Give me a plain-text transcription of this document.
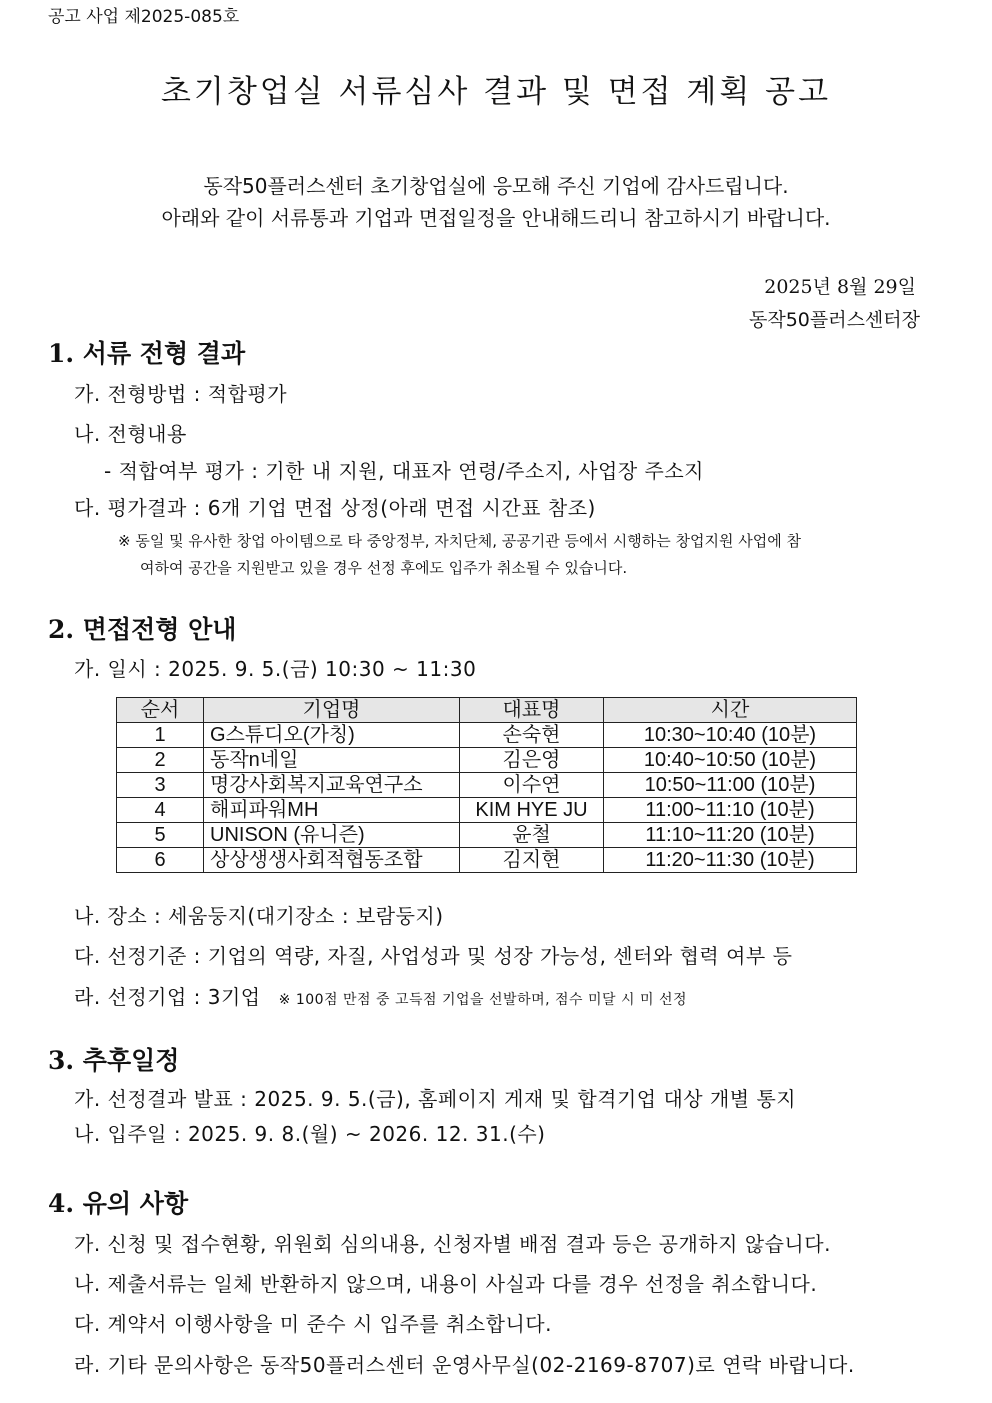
공고 사업 제2025-085호
초기창업실 서류심사 결과 및 면접 계획 공고
동작50플러스센터 초기창업실에 응모해 주신 기업에 감사드립니다.
아래와 같이 서류통과 기업과 면접일정을 안내해드리니 참고하시기 바랍니다.
2025년 8월 29일
동작50플러스센터장
1. 서류 전형 결과
가. 전형방법 : 적합평가
나. 전형내용
- 적합여부 평가 : 기한 내 지원, 대표자 연령/주소지, 사업장 주소지
다. 평가결과 : 6개 기업 면접 상정(아래 면접 시간표 참조)
※ 동일 및 유사한 창업 아이템으로 타 중앙정부, 자치단체, 공공기관 등에서 시행하는 창업지원 사업에 참
여하여 공간을 지원받고 있을 경우 선정 후에도 입주가 취소될 수 있습니다.
2. 면접전형 안내
가. 일시 : 2025. 9. 5.(금) 10:30 ~ 11:30
순서	기업명	대표명	시간
1	G스튜디오(가칭)	손숙현	10:30~10:40 (10분)
2	동작n네일	김은영	10:40~10:50 (10분)
3	명강사회복지교육연구소	이수연	10:50~11:00 (10분)
4	해피파워MH	KIM HYE JU	11:00~11:10 (10분)
5	UNISON (유니즌)	윤철	11:10~11:20 (10분)
6	상상생생사회적협동조합	김지현	11:20~11:30 (10분)
나. 장소 : 세움둥지(대기장소 : 보람둥지)
다. 선정기준 : 기업의 역량, 자질, 사업성과 및 성장 가능성, 센터와 협력 여부 등
라. 선정기업 : 3기업 ※ 100점 만점 중 고득점 기업을 선발하며, 점수 미달 시 미 선정
3. 추후일정
가. 선정결과 발표 : 2025. 9. 5.(금), 홈페이지 게재 및 합격기업 대상 개별 통지
나. 입주일 : 2025. 9. 8.(월) ~ 2026. 12. 31.(수)
4. 유의 사항
가. 신청 및 접수현황, 위원회 심의내용, 신청자별 배점 결과 등은 공개하지 않습니다.
나. 제출서류는 일체 반환하지 않으며, 내용이 사실과 다를 경우 선정을 취소합니다.
다. 계약서 이행사항을 미 준수 시 입주를 취소합니다.
라. 기타 문의사항은 동작50플러스센터 운영사무실(02-2169-8707)로 연락 바랍니다.
